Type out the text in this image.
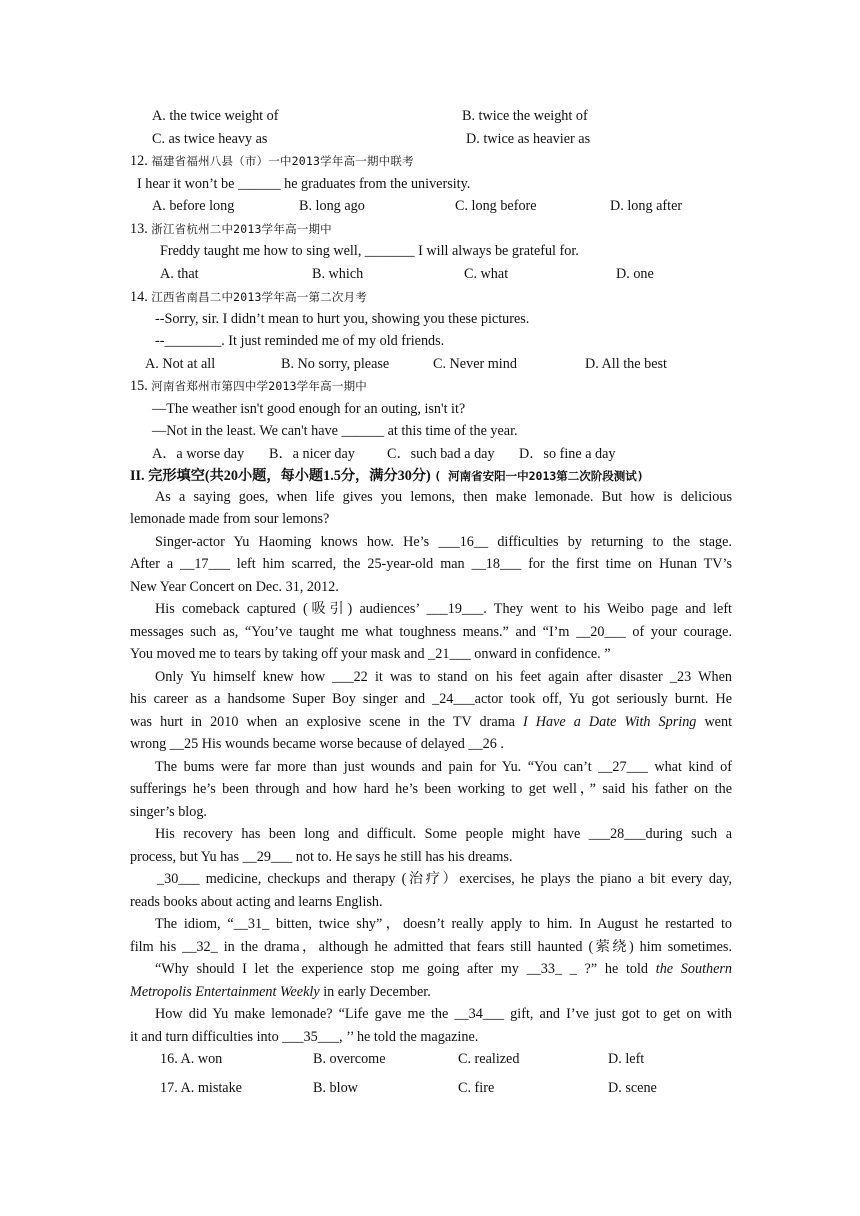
A. the twice weight of	B. twice the weight of
C. as twice heavy as	D. twice as heavier as
12. 福建省福州八县（市）一中2013学年高一期中联考
I hear it won’t be ______ he graduates from the university.
A. before long	B. long ago	C. long before	D. long after
13. 浙江省杭州二中2013学年高一期中
Freddy taught me how to sing well, _______ I will always be grateful for.
A. that	B. which	C. what	D. one
14. 江西省南昌二中2013学年高一第二次月考
--Sorry, sir. I didn’t mean to hurt you, showing you these pictures.
--________. It just reminded me of my old friends.
A. Not at all	B. No sorry, please	C. Never mind	D. All the best
15. 河南省郑州市第四中学2013学年高一期中
—The weather isn't good enough for an outing, isn't it?
—Not in the least. We can't have ______ at this time of the year.
A．a worse day B．a nicer day C．such bad a day D．so fine a day
II. 完形填空(共20小题，每小题1.5分，满分30分) ( 河南省安阳一中2013第二次阶段测试)
As a saying goes, when life gives you lemons, then make lemonade. But how is delicious
lemonade made from sour lemons?
Singer-actor Yu Haoming knows how. He’s ___16__ difficulties by returning to the stage.
After a __17___ left him scarred, the 25-year-old man __18___ for the first time on Hunan TV’s
New Year Concert on Dec. 31, 2012.
His comeback captured (吸引) audiences’ ___19___. They went to his Weibo page and left
messages such as, “You’ve taught me what toughness means.” and “I’m __20___ of your courage.
You moved me to tears by taking off your mask and _21___ onward in confidence. ”
Only Yu himself knew how ___22 it was to stand on his feet again after disaster _23 When
his career as a handsome Super Boy singer and _24___actor took off, Yu got seriously burnt. He
was hurt in 2010 when an explosive scene in the TV drama I Have a Date With Spring went
wrong __25 His wounds became worse because of delayed __26 .
The bums were far more than just wounds and pain for Yu. “You can’t __27___ what kind of
sufferings he’s been through and how hard he’s been working to get well，” said his father on the
singer’s blog.
His recovery has been long and difficult. Some people might have ___28___during such a
process, but Yu has __29___ not to. He says he still has his dreams.
_30___ medicine, checkups and therapy (治疗）exercises, he plays the piano a bit every day,
reads books about acting and learns English.
The idiom, “__31_ bitten, twice shy”，doesn’t really apply to him. In August he restarted to
film his __32_ in the drama，although he admitted that fears still haunted (萦绕) him sometimes.
“Why should I let the experience stop me going after my __33_ _ ?” he told the Southern
Metropolis Entertainment Weekly in early December.
How did Yu make lemonade? “Life gave me the __34___ gift, and I’ve just got to get on with
it and turn difficulties into ___35___, ’’ he told the magazine.
16. A. won	B. overcome	C. realized	D. left
17. A. mistake	B. blow	C. fire	D. scene
